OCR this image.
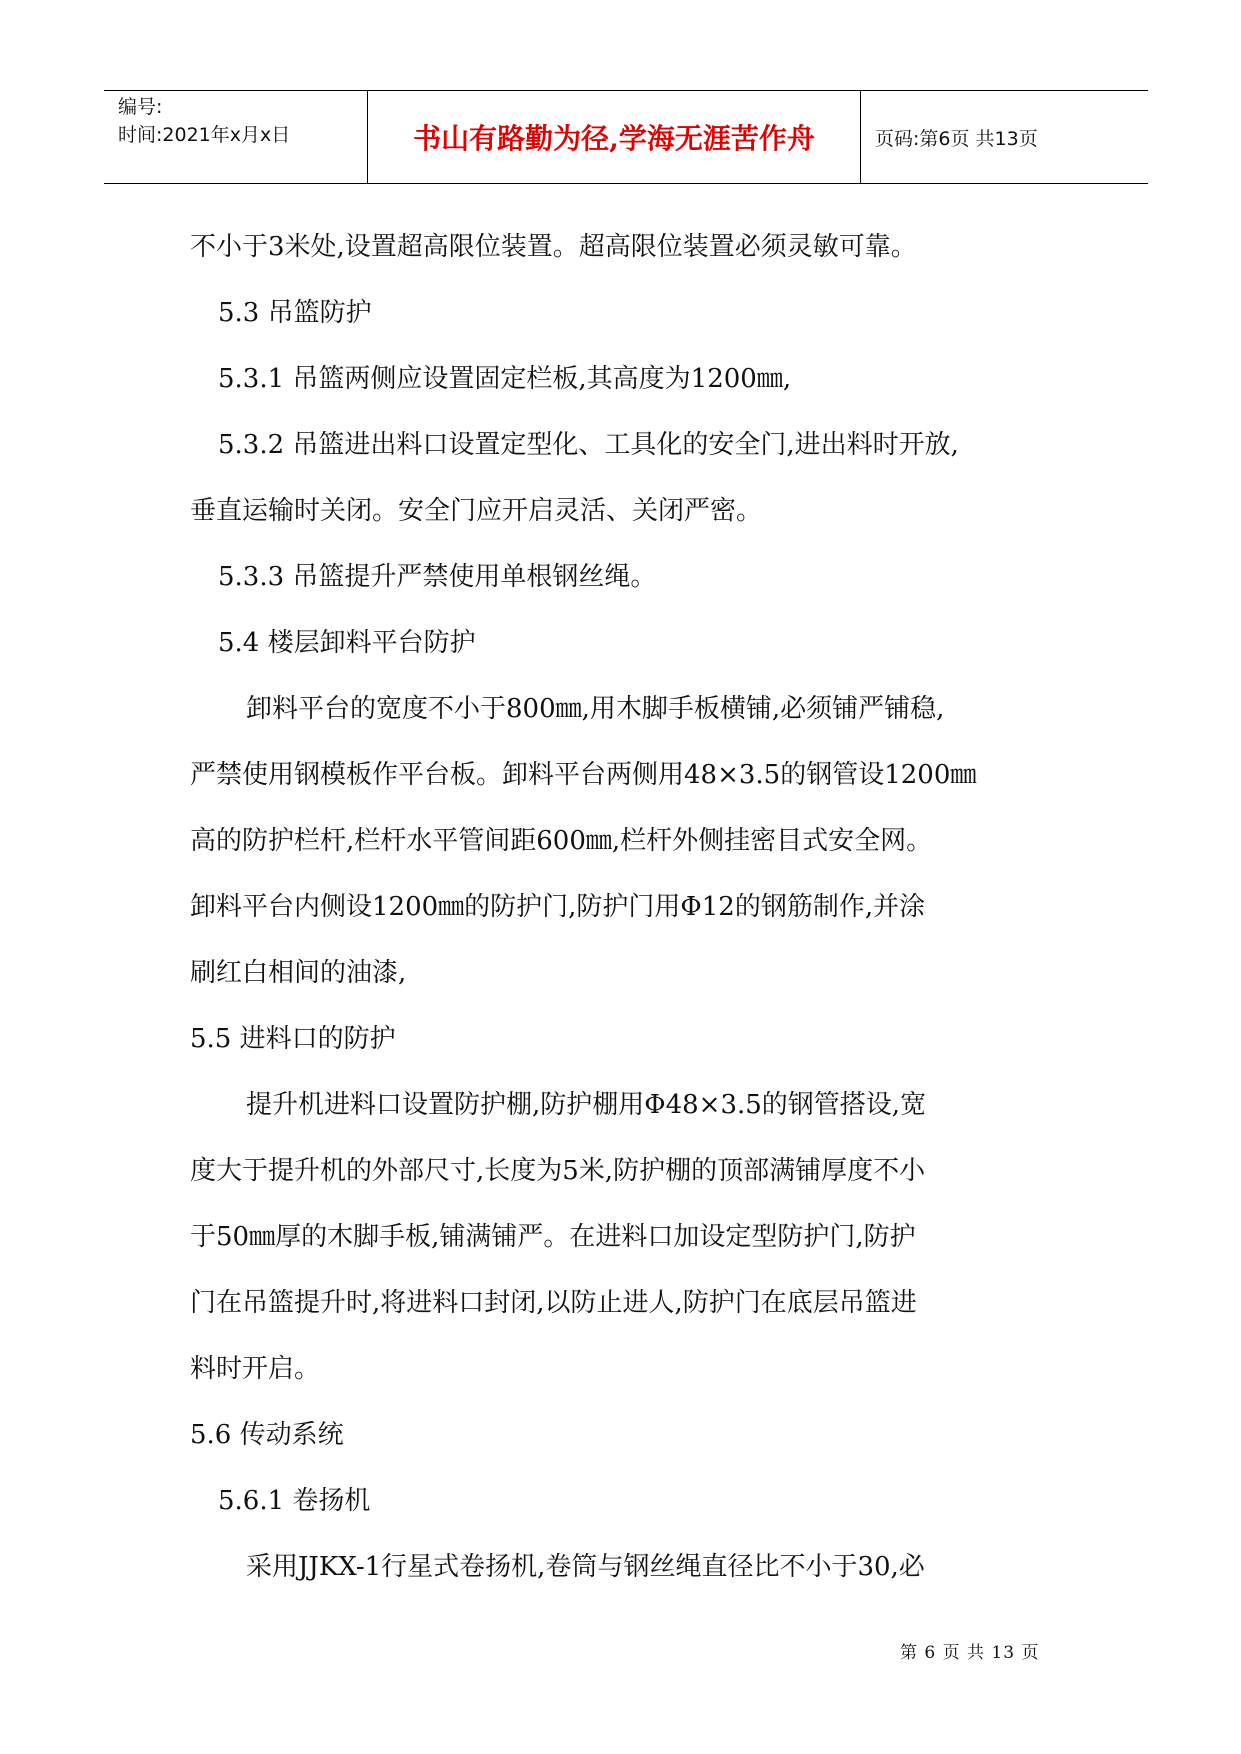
编号:
时间:2021年x月x日	书山有路勤为径,学海无涯苦作舟	页码:第6页 共13页

不小于3米处,设置超高限位装置。超高限位装置必须灵敏可靠。

5.3 吊篮防护

5.3.1 吊篮两侧应设置固定栏板,其高度为1200㎜,

5.3.2 吊篮进出料口设置定型化、工具化的安全门,进出料时开放,

垂直运输时关闭。安全门应开启灵活、关闭严密。

5.3.3 吊篮提升严禁使用单根钢丝绳。

5.4 楼层卸料平台防护

卸料平台的宽度不小于800㎜,用木脚手板横铺,必须铺严铺稳,

严禁使用钢模板作平台板。卸料平台两侧用48×3.5的钢管设1200㎜

高的防护栏杆,栏杆水平管间距600㎜,栏杆外侧挂密目式安全网。

卸料平台内侧设1200㎜的防护门,防护门用Φ12的钢筋制作,并涂

刷红白相间的油漆,

5.5 进料口的防护

提升机进料口设置防护棚,防护棚用Φ48×3.5的钢管搭设,宽

度大于提升机的外部尺寸,长度为5米,防护棚的顶部满铺厚度不小

于50㎜厚的木脚手板,铺满铺严。在进料口加设定型防护门,防护

门在吊篮提升时,将进料口封闭,以防止进人,防护门在底层吊篮进

料时开启。

5.6 传动系统

5.6.1 卷扬机

采用JJKX-1行星式卷扬机,卷筒与钢丝绳直径比不小于30,必

第 6 页 共 13 页
